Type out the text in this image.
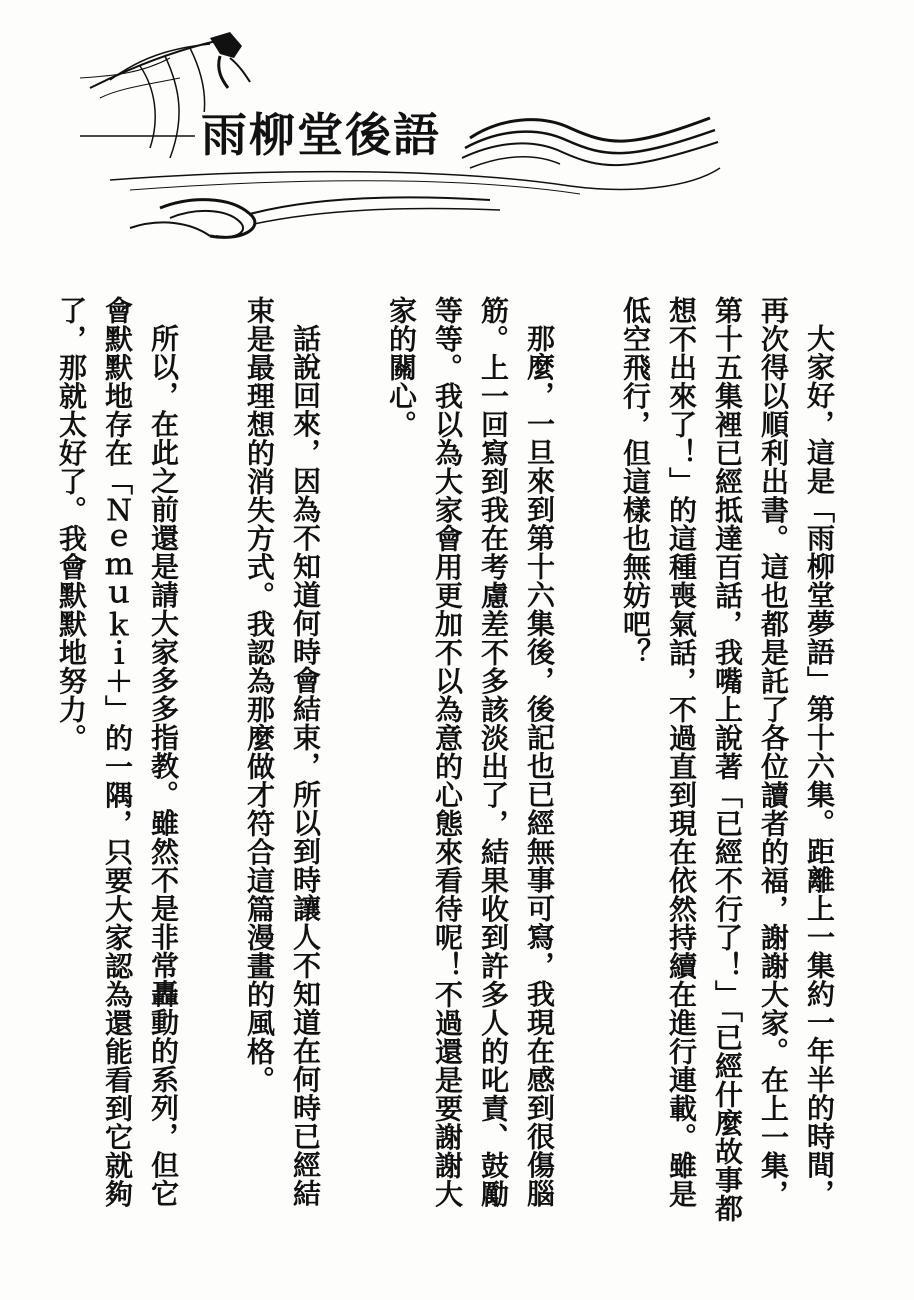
雨柳堂後語

大家好，這是「雨柳堂夢語」第十六集。距離上一集約一年半的時間，再次得以順利出書。這也都是託了各位讀者的福，謝謝大家。在上一集，第十五集裡已經抵達百話，我嘴上說著「已經不行了！」「已經什麼故事都想不出來了！」的這種喪氣話，不過直到現在依然持續在進行連載。雖是低空飛行，但這樣也無妨吧？

那麼，一旦來到第十六集後，後記也已經無事可寫，我現在感到很傷腦筋。上一回寫到我在考慮差不多該淡出了，結果收到許多人的叱責、鼓勵等等。我以為大家會用更加不以為意的心態來看待呢！不過還是要謝謝大家的關心。

話說回來，因為不知道何時會結束，所以到時讓人不知道在何時已經結束是最理想的消失方式。我認為那麼做才符合這篇漫畫的風格。

所以，在此之前還是請大家多多指教。雖然不是非常轟動的系列，但它會默默地存在「Ｎｅｍｕｋｉ＋」的一隅，只要大家認為還能看到它就夠了，那就太好了。我會默默地努力。
